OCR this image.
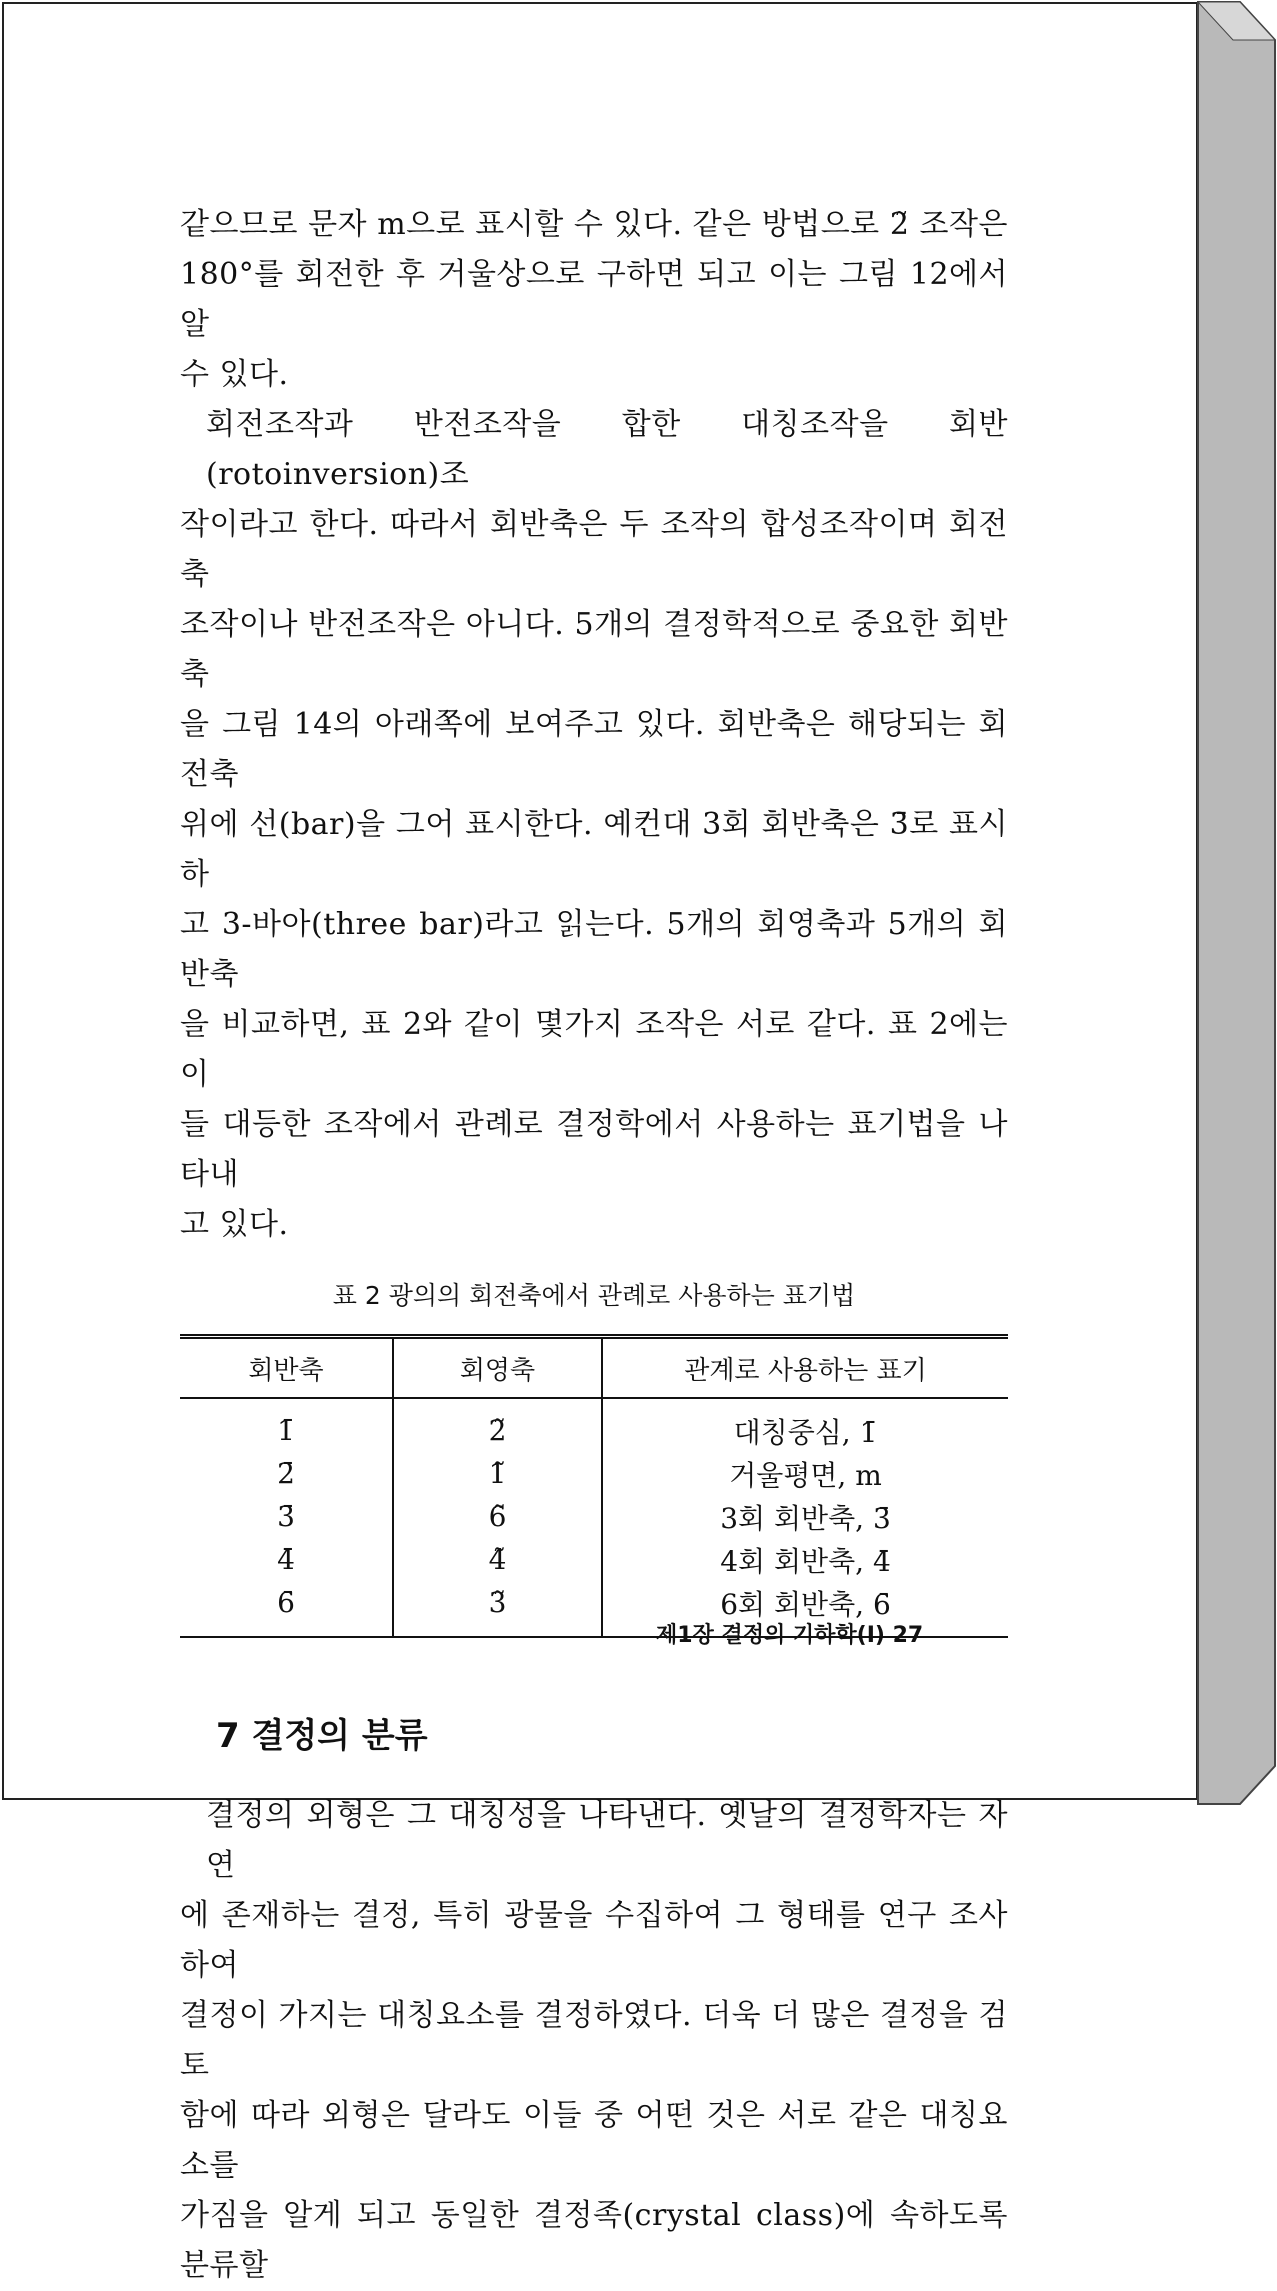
같으므로 문자 m으로 표시할 수 있다. 같은 방법으로 2̃ 조작은
180°를 회전한 후 거울상으로 구하면 되고 이는 그림 12에서 알
수 있다.

회전조작과 반전조작을 합한 대칭조작을 회반(rotoinversion)조
작이라고 한다. 따라서 회반축은 두 조작의 합성조작이며 회전축
조작이나 반전조작은 아니다. 5개의 결정학적으로 중요한 회반축
을 그림 14의 아래쪽에 보여주고 있다. 회반축은 해당되는 회전축
위에 선(bar)을 그어 표시한다. 예컨대 3회 회반축은 3̄로 표시하
고 3-바아(three bar)라고 읽는다. 5개의 회영축과 5개의 회반축
을 비교하면, 표 2와 같이 몇가지 조작은 서로 같다. 표 2에는 이
들 대등한 조작에서 관례로 결정학에서 사용하는 표기법을 나타내
고 있다.

표 2 광의의 회전축에서 관례로 사용하는 표기법
회반축	회영축	관계로 사용하는 표기
1̄	2̃	대칭중심, 1̄
2̄	1̃	거울평면, m
3̄	6̃	3회 회반축, 3̄
4̄	4̃	4회 회반축, 4̄
6̄	3̃	6회 회반축, 6̄
7 결정의 분류

결정의 외형은 그 대칭성을 나타낸다. 옛날의 결정학자는 자연
에 존재하는 결정, 특히 광물을 수집하여 그 형태를 연구 조사하여
결정이 가지는 대칭요소를 결정하였다. 더욱 더 많은 결정을 검토
함에 따라 외형은 달라도 이들 중 어떤 것은 서로 같은 대칭요소를
가짐을 알게 되고 동일한 결정족(crystal class)에 속하도록 분류할

제1장 결정의 기하학(I) 27
